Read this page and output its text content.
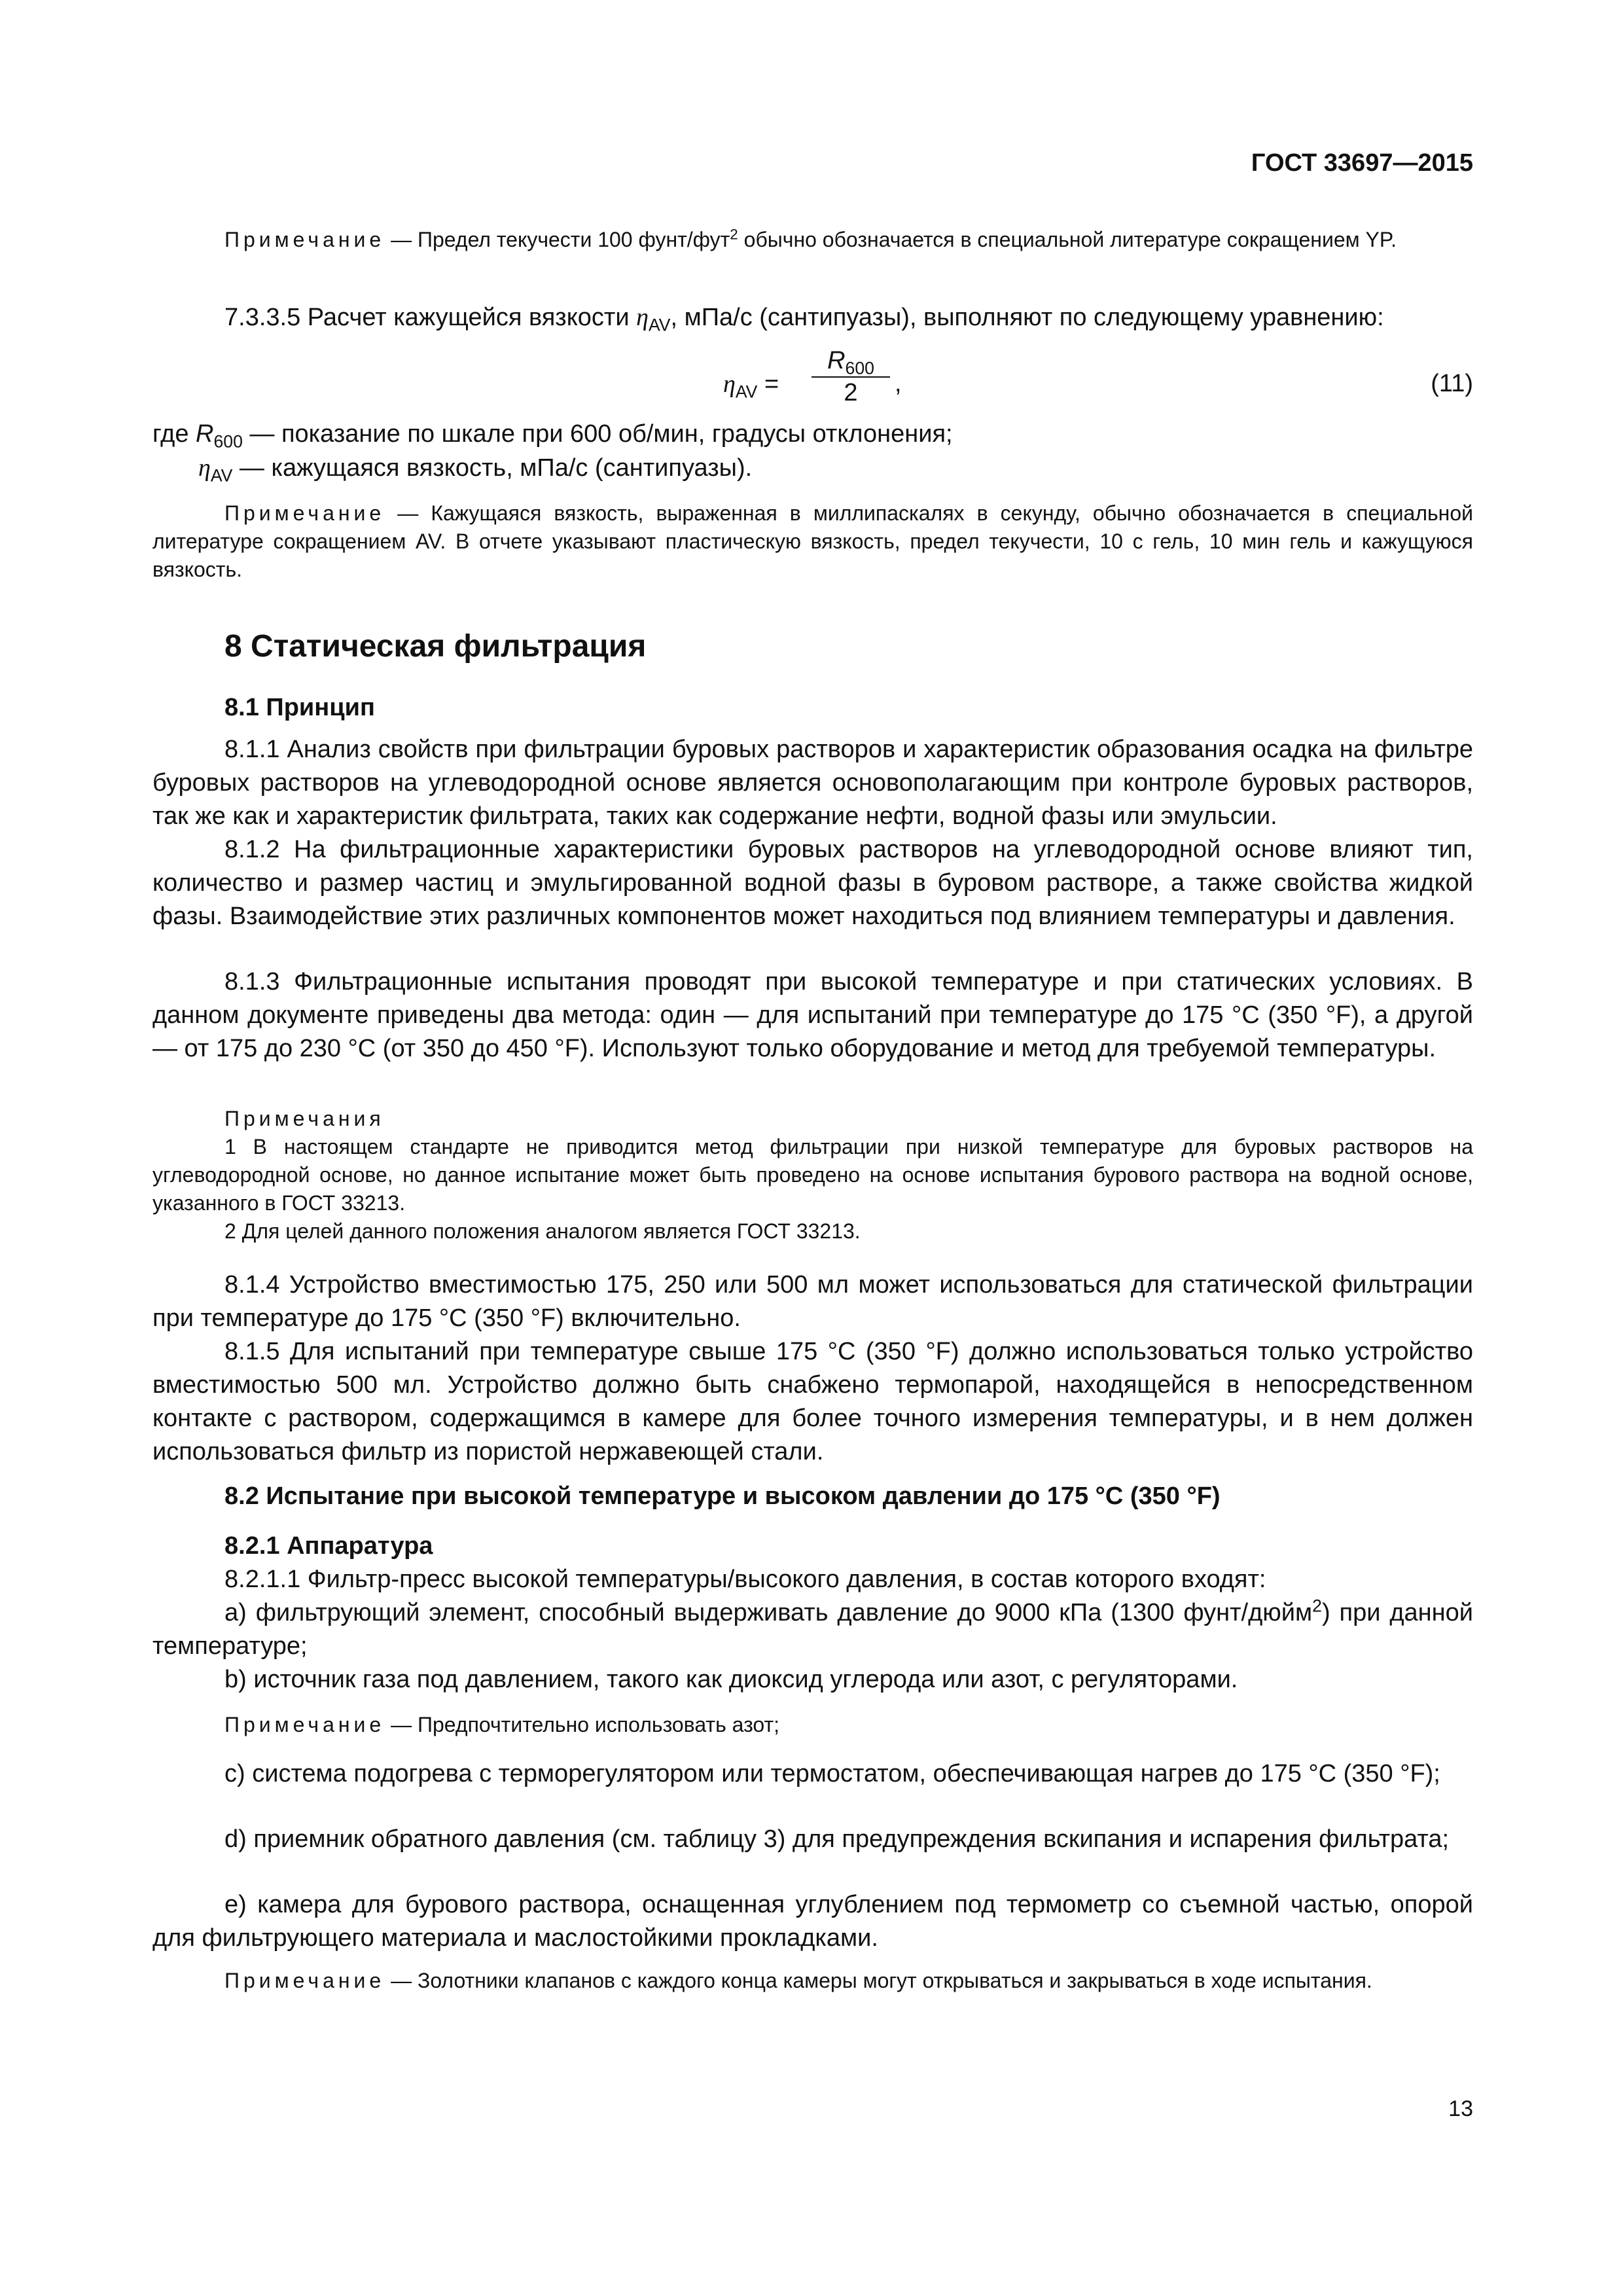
ГОСТ 33697—2015

Примечание — Предел текучести 100 фунт/фут$^2$ обычно обозначается в специальной литературе сокращением YP.

7.3.3.5 Расчет кажущейся вязкости $\eta_{AV}$, мПа/с (сантипуазы), выполняют по следующему уравнению:

$\eta_{AV} = \frac{R_{600}}{2}$ ,	(11)

где $R_{600}$ — показание по шкале при 600 об/мин, градусы отклонения;

$\eta_{AV}$ — кажущаяся вязкость, мПа/с (сантипуазы).

Примечание — Кажущаяся вязкость, выраженная в миллипаскалях в секунду, обычно обозначается в специальной литературе сокращением AV. В отчете указывают пластическую вязкость, предел текучести, 10 с гель, 10 мин гель и кажущуюся вязкость.

8 Статическая фильтрация

8.1 Принцип

8.1.1 Анализ свойств при фильтрации буровых растворов и характеристик образования осадка на фильтре буровых растворов на углеводородной основе является основополагающим при контроле буровых растворов, так же как и характеристик фильтрата, таких как содержание нефти, водной фазы или эмульсии.

8.1.2 На фильтрационные характеристики буровых растворов на углеводородной основе влияют тип, количество и размер частиц и эмульгированной водной фазы в буровом растворе, а также свойства жидкой фазы. Взаимодействие этих различных компонентов может находиться под влиянием температуры и давления.

8.1.3 Фильтрационные испытания проводят при высокой температуре и при статических условиях. В данном документе приведены два метода: один — для испытаний при температуре до 175 °С (350 °F), а другой — от 175 до 230 °С (от 350 до 450 °F). Используют только оборудование и метод для требуемой температуры.

Примечания

1 В настоящем стандарте не приводится метод фильтрации при низкой температуре для буровых растворов на углеводородной основе, но данное испытание может быть проведено на основе испытания бурового раствора на водной основе, указанного в ГОСТ 33213.

2 Для целей данного положения аналогом является ГОСТ 33213.

8.1.4 Устройство вместимостью 175, 250 или 500 мл может использоваться для статической фильтрации при температуре до 175 °С (350 °F) включительно.

8.1.5 Для испытаний при температуре свыше 175 °С (350 °F) должно использоваться только устройство вместимостью 500 мл. Устройство должно быть снабжено термопарой, находящейся в непосредственном контакте с раствором, содержащимся в камере для более точного измерения температуры, и в нем должен использоваться фильтр из пористой нержавеющей стали.

8.2 Испытание при высокой температуре и высоком давлении до 175 °С (350 °F)

8.2.1 Аппаратура

8.2.1.1 Фильтр-пресс высокой температуры/высокого давления, в состав которого входят:

а) фильтрующий элемент, способный выдерживать давление до 9000 кПа (1300 фунт/дюйм$^2$) при данной температуре;

b) источник газа под давлением, такого как диоксид углерода или азот, с регуляторами.

Примечание — Предпочтительно использовать азот;

с) система подогрева с терморегулятором или термостатом, обеспечивающая нагрев до 175 °С (350 °F);

d) приемник обратного давления (см. таблицу 3) для предупреждения вскипания и испарения фильтрата;

е) камера для бурового раствора, оснащенная углублением под термометр со съемной частью, опорой для фильтрующего материала и маслостойкими прокладками.

Примечание — Золотники клапанов с каждого конца камеры могут открываться и закрываться в ходе испытания.

13
